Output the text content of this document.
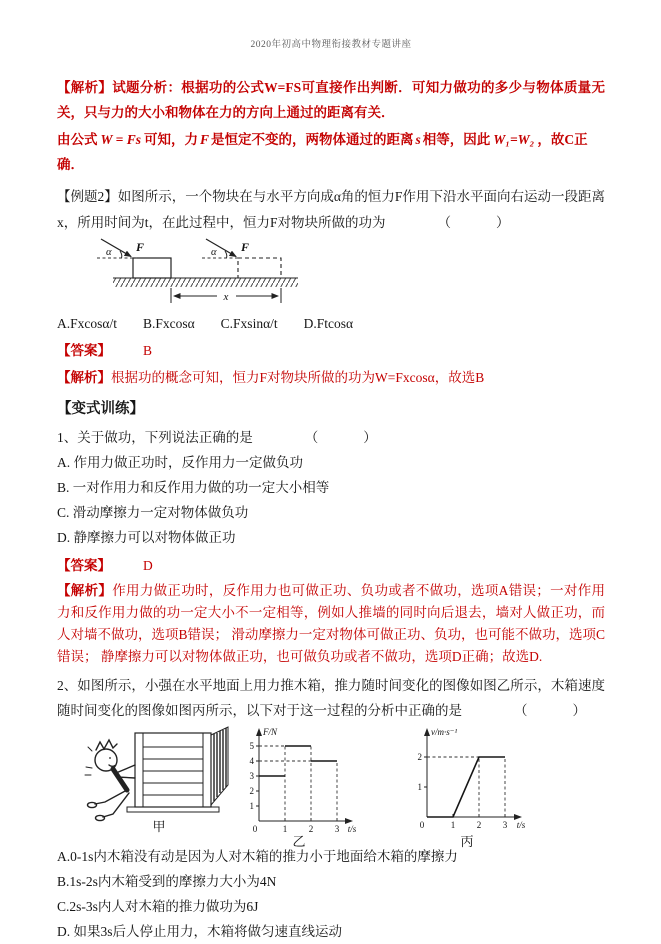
2020年初高中物理衔接教材专题讲座

【解析】试题分析：根据功的公式W=FS可直接作出判断．可知力做功的多少与物体质量无关，只与力的大小和物体在力的方向上通过的距离有关．

由公式 W = Fs 可知，力 F 是恒定不变的，两物体通过的距离 s 相等，因此 W₁=W₂ ，故C正确．

【例题2】如图所示，一个物块在与水平方向成α角的恒力F作用下沿水平面向右运动一段距离x，所用时间为t，在此过程中，恒力F对物块所做的功为	（　　）

α F	α F
x
A.Fxcosα/t B.Fxcosα C.Fxsinα/t D.Ftcosα

【答案】 B

【解析】根据功的概念可知，恒力F对物块所做的功为W=Fxcosα，故选B

【变式训练】

1、关于做功，下列说法正确的是	（　　）

A. 作用力做正功时，反作用力一定做负功

B. 一对作用力和反作用力做的功一定大小相等

C. 滑动摩擦力一定对物体做负功

D. 静摩擦力可以对物体做正功

【答案】 D

【解析】作用力做正功时，反作用力也可做正功、负功或者不做功，选项A错误；一对作用力和反作用力做的功一定大小不一定相等，例如人推墙的同时向后退去，墙对人做正功，而人对墙不做功，选项B错误； 滑动摩擦力一定对物体可做正功、负功，也可能不做功，选项C错误； 静摩擦力可以对物体做正功，也可做负功或者不做功，选项D正确；故选D.

2、如图所示，小强在水平地面上用力推木箱，推力随时间变化的图像如图乙所示，木箱速度随时间变化的图像如图丙所示，以下对于这一过程的分析中正确的是	（　　）

甲
1
2
3
4
5
0	1 2 3
F/N
t/s
乙
1
2
0	1 2 3
v/m·s⁻¹
t/s
丙

A.0-1s内木箱没有动是因为人对木箱的推力小于地面给木箱的摩擦力

B.1s-2s内木箱受到的摩擦力大小为4N

C.2s-3s内人对木箱的推力做功为6J

D. 如果3s后人停止用力，木箱将做匀速直线运动
